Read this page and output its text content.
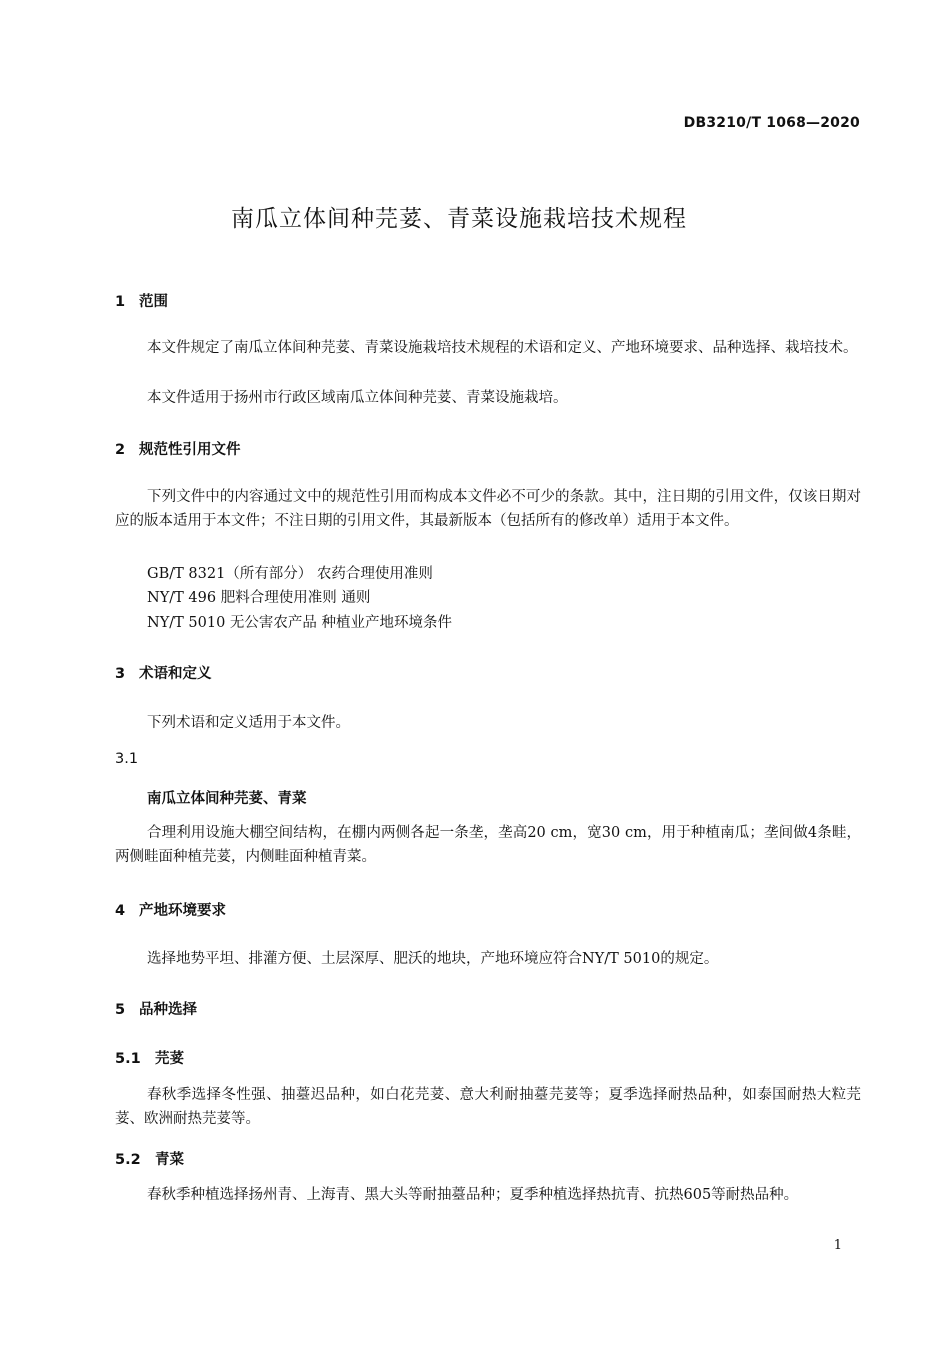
DB3210/T 1068—2020
南瓜立体间种芫荽、青菜设施栽培技术规程
1 范围
本文件规定了南瓜立体间种芫荽、青菜设施栽培技术规程的术语和定义、产地环境要求、品种选择、栽培技术。
本文件适用于扬州市行政区域南瓜立体间种芫荽、青菜设施栽培。
2 规范性引用文件
下列文件中的内容通过文中的规范性引用而构成本文件必不可少的条款。其中，注日期的引用文件，仅该日期对应的版本适用于本文件；不注日期的引用文件，其最新版本（包括所有的修改单）适用于本文件。
GB/T 8321（所有部分） 农药合理使用准则
NY/T 496 肥料合理使用准则 通则
NY/T 5010 无公害农产品 种植业产地环境条件
3 术语和定义
下列术语和定义适用于本文件。
3.1
南瓜立体间种芫荽、青菜
合理利用设施大棚空间结构，在棚内两侧各起一条垄，垄高20 cm，宽30 cm，用于种植南瓜；垄间做4条畦，两侧畦面种植芫荽，内侧畦面种植青菜。
4 产地环境要求
选择地势平坦、排灌方便、土层深厚、肥沃的地块，产地环境应符合NY/T 5010的规定。
5 品种选择
5.1 芫荽
春秋季选择冬性强、抽薹迟品种，如白花芫荽、意大利耐抽薹芫荽等；夏季选择耐热品种，如泰国耐热大粒芫荽、欧洲耐热芫荽等。
5.2 青菜
春秋季种植选择扬州青、上海青、黑大头等耐抽薹品种；夏季种植选择热抗青、抗热605等耐热品种。
1
